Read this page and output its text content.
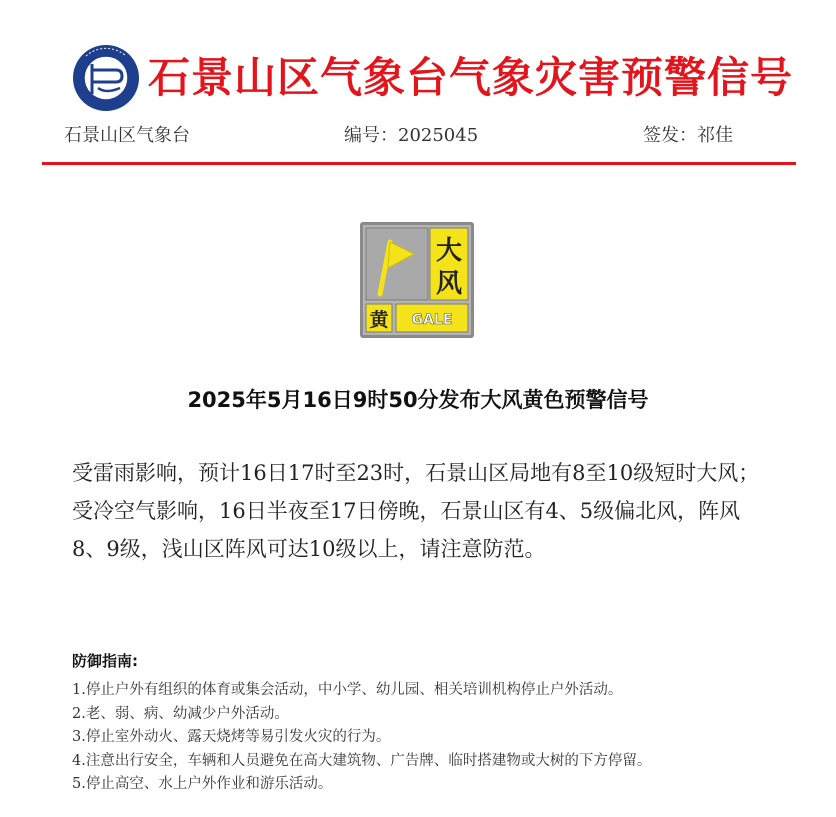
石景山区气象台气象灾害预警信号
石景山区气象台	编号：2025045	签发：祁佳
大
风
黄 GALE
2025年5月16日9时50分发布大风黄色预警信号
受雷雨影响，预计16日17时至23时，石景山区局地有8至10级短时大风；受冷空气影响，16日半夜至17日傍晚，石景山区有4、5级偏北风，阵风8、9级，浅山区阵风可达10级以上，请注意防范。
防御指南:
1.停止户外有组织的体育或集会活动，中小学、幼儿园、相关培训机构停止户外活动。
2.老、弱、病、幼减少户外活动。
3.停止室外动火、露天烧烤等易引发火灾的行为。
4.注意出行安全，车辆和人员避免在高大建筑物、广告牌、临时搭建物或大树的下方停留。
5.停止高空、水上户外作业和游乐活动。
